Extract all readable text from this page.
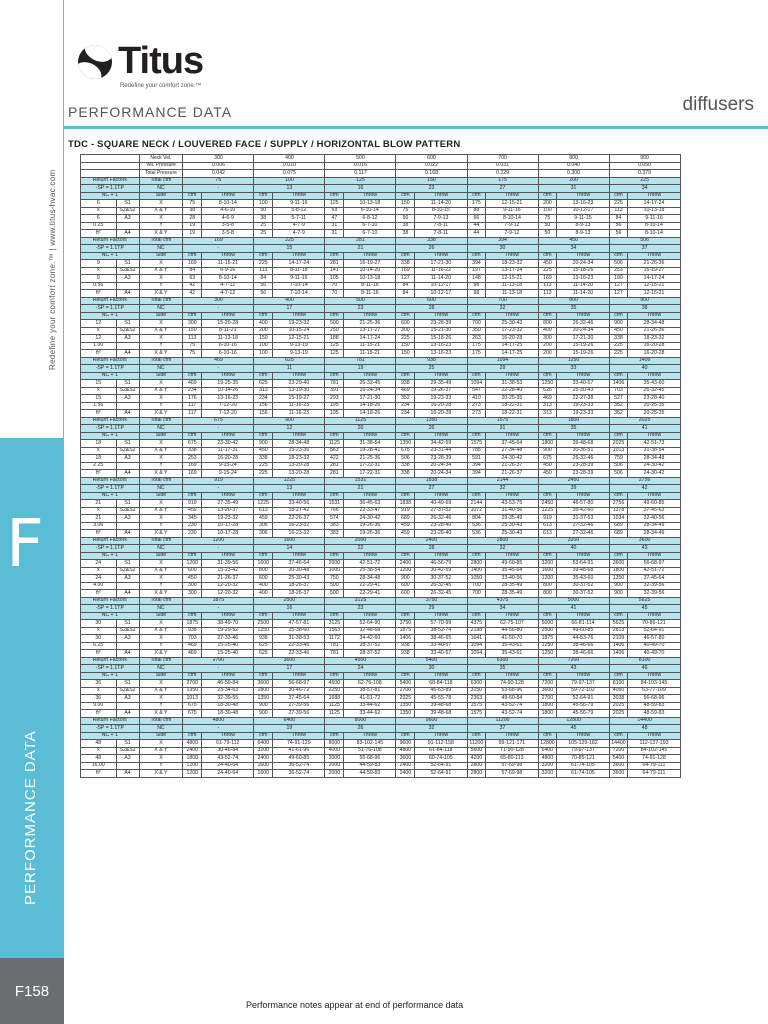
Redefine your comfort zone.™ | www.titus-hvac.com
F
PERFORMANCE DATA
F158
Titus
Redefine your comfort zone.™
PERFORMANCE DATA	diffusers
TDC - SQUARE NECK / LOUVERED FACE / SUPPLY / HORIZONTAL BLOW PATTERN
		Neck Vel.	300		400		500		600		700		800		900	
		Vel. Pressure	0.006		0.010		0.016		0.022		0.031		0.040		0.050	
		Total Pressure	0.042		0.075		0.117		0.168		0.229		0.300		0.379	
Return Factors		Total cfm	75		100		125		150		175		200		225	
-SP = 1.1TP		NC	-		13		16		23		27		31		34	
NC + 1		Side	cfm	Throw	cfm	Throw	cfm	Throw	cfm	Throw	cfm	Throw	cfm	Throw	cfm	Throw
6	S1	X	75	8-10-14	100	9-11-16	125	10-13-18	150	11-14-20	175	12-15-21	200	13-16-23	225	14-17-24
x	S2&S2	X & Y	38	4-6-10	50	5-8-12	63	6-10-14	75	8-10-15	88	9-11-16	100	10-12-17	113	10-13-18
6	A3	X	28	4-6-9	38	5-7-11	47	6-8-12	56	7-9-13	66	8-10-14	75	9-11-15	84	9-11-16
0.25		Y	19	3-5-8	25	4-7-9	31	6-7-10	38	7-8-11	44	7-9-12	50	8-9-13	56	8-10-14
ft²	A4	X & Y	19	3-5-8	25	4-7-9	31	6-7-10	38	7-8-11	44	7-9-12	50	8-9-13	56	8-10-14
Return Factors		Total cfm	169		225		281		338		394		450		506	
-SP = 1.1TP		NC	-		15		21		26		30		34		37	
NC + 1		Side	cfm	Throw	cfm	Throw	cfm	Throw	cfm	Throw	cfm	Throw	cfm	Throw	cfm	Throw
9	S1	X	169	11-15-21	225	14-17-24	281	16-19-27	338	17-21-30	394	18-23-32	450	20-24-34	506	21-26-36
x	S2&S2	X & Y	84	6-9-16	113	8-11-18	141	10-14-20	169	11-16-22	197	13-17-24	225	15-18-26	253	16-19-27
9	A3	X	63	8-10-14	84	9-11-16	105	10-13-18	127	11-14-20	148	12-15-21	169	13-16-23	190	14-17-24
0.56		Y	42	4-7-12	56	7-10-14	70	8-11-16	84	10-12-17	98	11-13-18	113	11-14-20	127	12-15-21
ft²	A4	X & Y	42	4-7-12	56	7-10-14	70	8-11-16	84	10-12-17	98	11-13-18	113	11-14-20	127	12-15-21
Return Factors		Total cfm	300		400		500		600		700		800		900	
-SP = 1.1TP		NC	-		17		23		28		32		35		38	
NC + 1		Side	cfm	Throw	cfm	Throw	cfm	Throw	cfm	Throw	cfm	Throw	cfm	Throw	cfm	Throw
12	S1	X	300	15-20-28	400	19-23-32	500	21-25-36	600	23-28-39	700	25-30-43	800	26-32-46	900	28-34-48
x	S2&S2	X & Y	150	8-11-21	200	10-15-24	250	13-17-27	300	15-21-30	350	17-23-32	400	20-24-34	450	21-26-36
12	A3	X	113	11-13-18	150	12-15-21	188	14-17-24	225	15-18-26	263	16-20-28	300	17-21-30	338	18-23-32
1.00		Y	75	6-10-16	100	9-13-19	125	11-15-21	150	13-16-23	175	14-17-25	200	15-19-26	225	16-20-28
ft²	A4	X & Y	75	6-10-16	100	9-13-19	125	11-15-21	150	13-16-23	175	14-17-25	200	15-19-26	225	16-20-28
Return Factors		Total cfm	469		625		781		938		1094		1250		1406	
-SP = 1.1TP		NC	-		11		19		25		29		33		40	
NC + 1		Side	cfm	Throw	cfm	Throw	cfm	Throw	cfm	Throw	cfm	Throw	cfm	Throw	cfm	Throw
15	S1	X	469	19-25-35	625	23-29-40	781	26-32-45	938	29-35-49	1094	31-38-53	1250	33-40-57	1406	35-43-60
x	S2&S2	X & Y	234	10-14-26	313	13-19-30	391	16-24-34	469	19-26-37	547	22-28-40	625	25-30-43	703	26-32-45
15	A3	X	176	13-16-23	234	15-19-27	293	17-21-30	352	19-23-33	410	20-25-35	469	22-27-38	527	23-28-40
1.56		Y	117	7-12-20	156	11-16-23	195	14-18-26	234	16-20-28	273	18-22-31	313	19-23-33	352	20-25-35
ft²	A4	X & Y	117	7-12-20	156	11-16-23	195	14-18-26	234	16-20-28	273	18-22-31	313	19-23-33	352	20-25-35
Return Factors		Total cfm	675		900		1125		1350		1575		1800		2025	
-SP = 1.1TP		NC	-		12		20		26		31		35		41	
NC + 1		Side	cfm	Throw	cfm	Throw	cfm	Throw	cfm	Throw	cfm	Throw	cfm	Throw	cfm	Throw
18	S1	X	675	23-30-42	900	28-34-48	1125	31-38-54	1350	34-42-59	1575	37-45-64	1800	39-48-68	2025	42-51-73
x	S2&S2	X & Y	338	11-17-31	450	15-23-36	563	19-28-41	675	23-31-44	788	27-34-48	900	30-36-51	1013	31-38-54
18	A3	X	253	16-20-28	338	18-23-32	422	21-25-36	506	23-28-39	591	24-30-42	675	26-32-46	759	28-34-48
2.25		Y	169	9-15-24	225	13-20-28	281	17-22-31	338	20-24-34	394	21-26-37	450	23-28-39	506	24-30-42
ft²	A4	X & Y	169	9-15-24	225	13-20-28	281	17-22-31	338	20-24-34	394	21-26-37	450	23-28-39	506	24-30-42
Return Factors		Total cfm	919		1225		1531		1838		2144		2450		2756	
-SP = 1.1TP		NC	-		13		21		27		32		39		42	
NC + 1		Side	cfm	Throw	cfm	Throw	cfm	Throw	cfm	Throw	cfm	Throw	cfm	Throw	cfm	Throw
21	S1	X	919	27-35-49	1225	33-40-56	1531	36-45-63	1838	40-49-69	2144	43-53-75	2450	46-57-80	2756	49-60-85
x	S2&S2	X & Y	459	13-20-37	613	18-27-42	766	22-33-47	919	27-37-52	1072	31-40-56	1225	35-42-60	1378	37-45-63
21	A3	X	345	19-23-32	459	22-26-37	574	24-30-42	689	26-32-46	804	29-35-49	919	31-37-53	1034	32-40-56
3.06		Y	230	10-17-28	306	16-23-32	383	19-26-36	459	23-28-40	536	25-30-43	613	27-32-46	689	28-34-49
ft²	A4	X & Y	230	10-17-28	306	16-23-32	383	19-26-36	459	23-28-40	536	25-30-43	613	27-32-46	689	28-34-49
Return Factors		Total cfm	1200		1600		2000		2400		2800		3200		3600	
-SP = 1.1TP		NC	-		14		22		28		32		40		43	
NC + 1		Side	cfm	Throw	cfm	Throw	cfm	Throw	cfm	Throw	cfm	Throw	cfm	Throw	cfm	Throw
24	S1	X	1200	31-39-56	1600	37-46-64	2000	42-51-72	2400	46-56-79	2800	49-60-85	3200	53-64-91	3600	56-68-97
x	S2&S2	X & Y	600	15-23-42	800	20-30-48	1000	25-38-54	1200	30-42-59	1400	35-45-64	1600	39-48-68	1800	42-51-72
24	A3	X	450	21-26-37	600	25-30-43	750	28-34-48	900	30-37-52	1050	33-40-56	1200	35-43-60	1350	37-45-64
4.00		Y	300	12-20-32	400	18-26-37	500	22-29-41	600	26-32-45	700	28-35-49	800	30-37-52	900	32-39-56
ft²	A4	X & Y	300	12-20-32	400	18-26-37	500	22-29-41	600	26-32-45	700	28-35-49	800	30-37-52	900	32-39-56
Return Factors		Total cfm	1875		2500		3125		3750		4375		5000		5625	
-SP = 1.1TP		NC	-		16		23		29		34		41		45	
NC + 1		Side	cfm	Throw	cfm	Throw	cfm	Throw	cfm	Throw	cfm	Throw	cfm	Throw	cfm	Throw
30	S1	X	1875	38-49-70	2500	47-57-81	3125	52-64-90	3750	57-70-99	4375	62-75-107	5000	66-81-114	5625	70-86-121
x	S2&S2	X & Y	938	19-29-52	1250	25-38-60	1563	32-48-68	1875	38-52-74	2188	44-56-80	2500	49-60-85	2813	52-64-91
30	A3	X	703	27-33-46	938	31-38-53	1172	34-42-60	1406	38-46-65	1641	41-50-70	1875	44-53-76	2109	46-57-80
6.25		Y	469	15-25-40	625	22-33-46	781	28-37-52	938	33-40-57	1094	35-43-61	1250	38-46-66	1406	40-49-70
ft²	A4	X & Y	469	15-25-40	625	22-33-46	781	28-37-52	938	33-40-57	1094	35-43-61	1250	38-46-66	1406	40-49-70
Return Factors		Total cfm	2700		3600		4500		5400		6300		7200		8100	
-SP = 1.1TP		NC	-		17		24		30		35		43		46	
NC + 1		Side	cfm	Throw	cfm	Throw	cfm	Throw	cfm	Throw	cfm	Throw	cfm	Throw	cfm	Throw
36	S1	X	2700	46-59-84	3600	56-68-97	4500	62-76-108	5400	68-84-118	6300	74-90-128	7200	79-97-137	8100	84-103-145
x	S2&S2	X & Y	1350	23-34-63	1800	30-46-72	2250	38-57-81	2700	46-63-89	3150	53-68-96	3600	59-72-102	4050	63-77-109
36	A3	X	1013	32-39-55	1350	37-45-64	1688	41-51-72	2025	45-55-78	2363	49-60-84	2700	52-64-91	3038	56-68-96
9.00		Y	675	18-30-48	900	27-39-56	1125	33-44-62	1350	39-48-68	1575	43-52-74	1800	45-56-79	2025	48-59-83
ft²	A4	X & Y	675	18-30-48	900	27-39-56	1125	33-44-62	1350	39-48-68	1575	43-52-74	1800	45-56-79	2025	48-59-83
Return Factors		Total cfm	4800		6400		8000		9600		11200		12800		14400	
-SP = 1.1TP		NC	-		19		26		32		37		45		48	
NC + 1		Side	cfm	Throw	cfm	Throw	cfm	Throw	cfm	Throw	cfm	Throw	cfm	Throw	cfm	Throw
48	S1	X	4800	61-79-112	6400	74-91-129	8000	83-102-145	9600	91-112-158	11200	99-121-171	12800	105-129-182	14400	112-137-193
x	S2&S2	X & Y	2400	30-46-84	3200	41-61-96	4000	51-76-108	4800	61-84-118	5600	71-90-128	6400	79-97-137	7200	84-102-145
48	A3	X	1800	43-52-74	2400	49-60-85	3000	55-68-96	3600	60-74-105	4200	65-80-113	4800	70-85-121	5400	74-91-128
16.00		Y	1200	24-40-64	1600	36-52-74	2000	44-59-83	2400	52-64-91	2800	57-69-98	3200	61-74-105	3600	64-79-111
ft²	A4	X & Y	1200	24-40-64	1600	36-52-74	2000	44-59-83	2400	52-64-91	2800	57-69-98	3200	61-74-105	3600	64-79-111
Performance notes appear at end of performance data
